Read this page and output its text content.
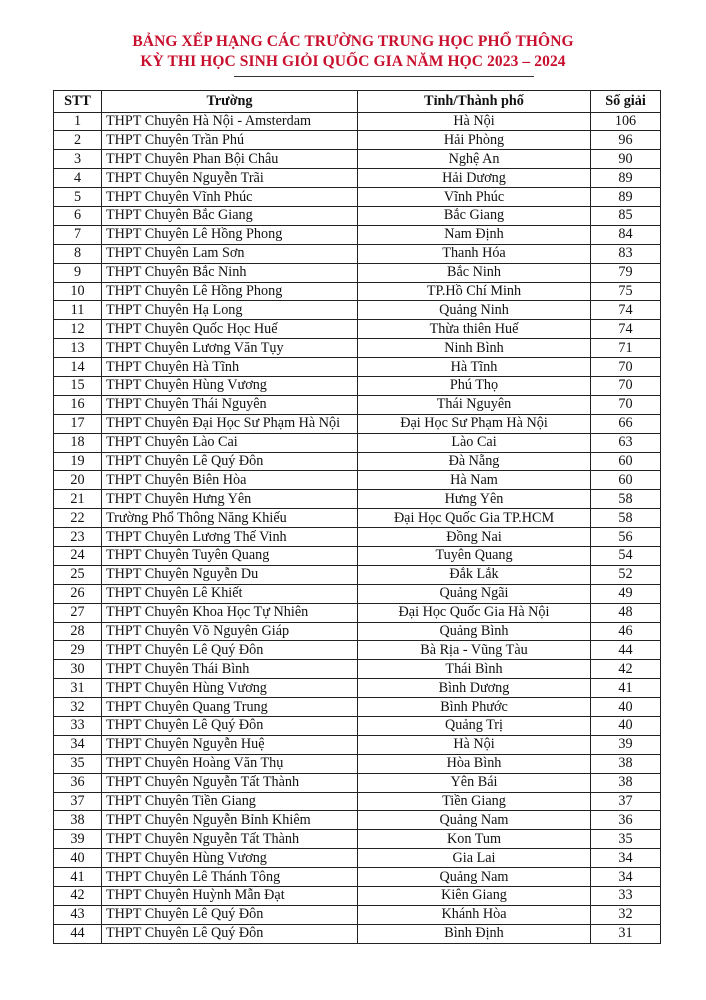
BẢNG XẾP HẠNG CÁC TRƯỜNG TRUNG HỌC PHỔ THÔNG
KỲ THI HỌC SINH GIỎI QUỐC GIA NĂM HỌC 2023 – 2024
STT	Trường	Tỉnh/Thành phố	Số giải
1	THPT Chuyên Hà Nội - Amsterdam	Hà Nội	106
2	THPT Chuyên Trần Phú	Hải Phòng	96
3	THPT Chuyên Phan Bội Châu	Nghệ An	90
4	THPT Chuyên Nguyễn Trãi	Hải Dương	89
5	THPT Chuyên Vĩnh Phúc	Vĩnh Phúc	89
6	THPT Chuyên Bắc Giang	Bắc Giang	85
7	THPT Chuyên Lê Hồng Phong	Nam Định	84
8	THPT Chuyên Lam Sơn	Thanh Hóa	83
9	THPT Chuyên Bắc Ninh	Bắc Ninh	79
10	THPT Chuyên Lê Hồng Phong	TP.Hồ Chí Minh	75
11	THPT Chuyên Hạ Long	Quảng Ninh	74
12	THPT Chuyên Quốc Học Huế	Thừa thiên Huế	74
13	THPT Chuyên Lương Văn Tụy	Ninh Bình	71
14	THPT Chuyên Hà Tĩnh	Hà Tĩnh	70
15	THPT Chuyên Hùng Vương	Phú Thọ	70
16	THPT Chuyên Thái Nguyên	Thái Nguyên	70
17	THPT Chuyên Đại Học Sư Phạm Hà Nội	Đại Học Sư Phạm Hà Nội	66
18	THPT Chuyên Lào Cai	Lào Cai	63
19	THPT Chuyên Lê Quý Đôn	Đà Nẵng	60
20	THPT Chuyên Biên Hòa	Hà Nam	60
21	THPT Chuyên Hưng Yên	Hưng Yên	58
22	Trường Phổ Thông Năng Khiếu	Đại Học Quốc Gia TP.HCM	58
23	THPT Chuyên Lương Thế Vinh	Đồng Nai	56
24	THPT Chuyên Tuyên Quang	Tuyên Quang	54
25	THPT Chuyên Nguyễn Du	Đắk Lắk	52
26	THPT Chuyên Lê Khiết	Quảng Ngãi	49
27	THPT Chuyên Khoa Học Tự Nhiên	Đại Học Quốc Gia Hà Nội	48
28	THPT Chuyên Võ Nguyên Giáp	Quảng Bình	46
29	THPT Chuyên Lê Quý Đôn	Bà Rịa - Vũng Tàu	44
30	THPT Chuyên Thái Bình	Thái Bình	42
31	THPT Chuyên Hùng Vương	Bình Dương	41
32	THPT Chuyên Quang Trung	Bình Phước	40
33	THPT Chuyên Lê Quý Đôn	Quảng Trị	40
34	THPT Chuyên Nguyễn Huệ	Hà Nội	39
35	THPT Chuyên Hoàng Văn Thụ	Hòa Bình	38
36	THPT Chuyên Nguyễn Tất Thành	Yên Bái	38
37	THPT Chuyên Tiền Giang	Tiền Giang	37
38	THPT Chuyên Nguyễn Bỉnh Khiêm	Quảng Nam	36
39	THPT Chuyên Nguyễn Tất Thành	Kon Tum	35
40	THPT Chuyên Hùng Vương	Gia Lai	34
41	THPT Chuyên Lê Thánh Tông	Quảng Nam	34
42	THPT Chuyên Huỳnh Mẫn Đạt	Kiên Giang	33
43	THPT Chuyên Lê Quý Đôn	Khánh Hòa	32
44	THPT Chuyên Lê Quý Đôn	Bình Định	31
